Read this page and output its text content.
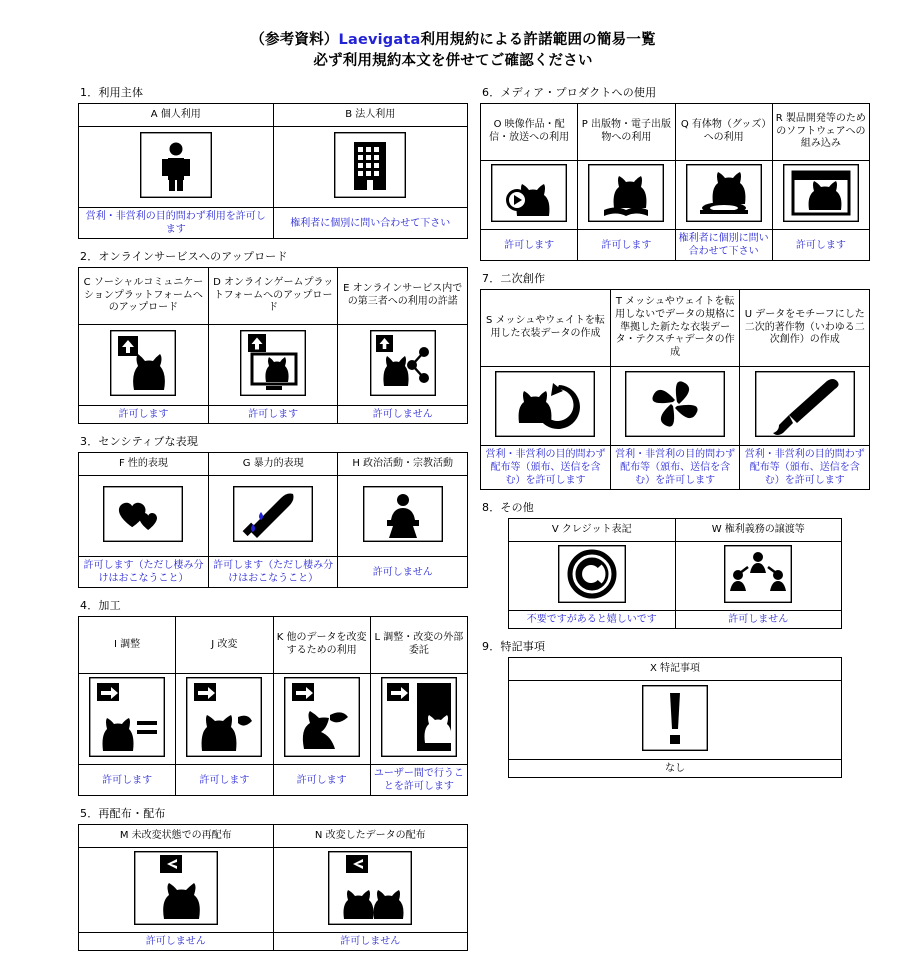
（参考資料）Laevigata利用規約による許諾範囲の簡易一覧
必ず利用規約本文を併せてご確認ください
1．利用主体
A 個人利用	B 法人利用

営利・非営利の目的問わず利用を許可します	権利者に個別に問い合わせて下さい
2．オンラインサービスへのアップロード
C ソーシャルコミュニケーションプラットフォームへのアップロード	D オンラインゲームプラットフォームへのアップロード	E オンラインサービス内での第三者への利用の許諾

許可します	許可します	許可しません
3．センシティブな表現
F 性的表現	G 暴力的表現	H 政治活動・宗教活動

許可します（ただし棲み分けはおこなうこと）	許可します（ただし棲み分けはおこなうこと）	許可しません
4．加工
I 調整	J 改変	K 他のデータを改変するための利用	L 調整・改変の外部委託

許可します	許可します	許可します	ユーザー間で行うことを許可します
5．再配布・配布
M 未改変状態での再配布	N 改変したデータの配布

許可しません	許可しません
6．メディア・プロダクトへの使用
O 映像作品・配信・放送への利用	P 出版物・電子出版物への利用	Q 有体物（グッズ）への利用	R 製品開発等のためのソフトウェアへの組み込み

許可します	許可します	権利者に個別に問い合わせて下さい	許可します
7．二次創作
S メッシュやウェイトを転用した衣装データの作成	T メッシュやウェイトを転用しないでデータの規格に準拠した新たな衣装データ・テクスチャデータの作成	U データをモチーフにした二次的著作物（いわゆる二次創作）の作成

営利・非営利の目的問わず配布等（頒布、送信を含む）を許可します	営利・非営利の目的問わず配布等（頒布、送信を含む）を許可します	営利・非営利の目的問わず配布等（頒布、送信を含む）を許可します
8．その他
V クレジット表記	W 権利義務の譲渡等

不要ですがあると嬉しいです	許可しません
9．特記事項
X 特記事項

なし
